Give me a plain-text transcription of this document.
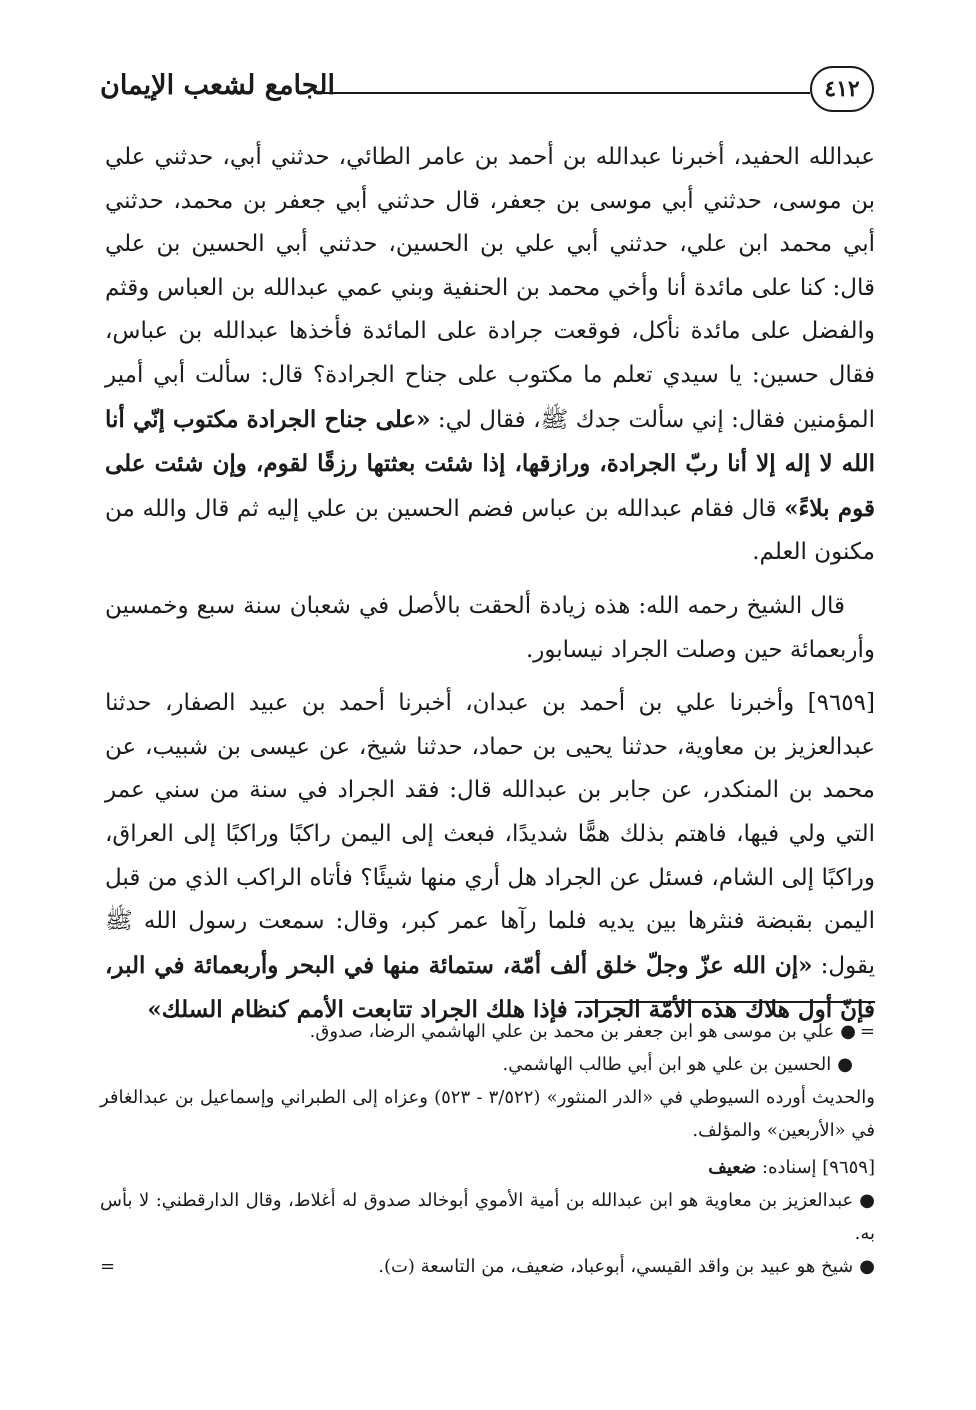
الجامع لشعب الإيمان	٤١٢

عبدالله الحفيد، أخبرنا عبدالله بن أحمد بن عامر الطائي، حدثني أبي، حدثني علي بن موسى، حدثني أبي موسى بن جعفر، قال حدثني أبي جعفر بن محمد، حدثني أبي محمد ابن علي، حدثني أبي علي بن الحسين، حدثني أبي الحسين بن علي قال: كنا على مائدة أنا وأخي محمد بن الحنفية وبني عمي عبدالله بن العباس وقثم والفضل على مائدة نأكل، فوقعت جرادة على المائدة فأخذها عبدالله بن عباس، فقال حسين: يا سيدي تعلم ما مكتوب على جناح الجرادة؟ قال: سألت أبي أمير المؤمنين فقال: إني سألت جدك ﷺ، فقال لي: «على جناح الجرادة مكتوب إنّي أنا الله لا إله إلا أنا ربّ الجرادة، ورازقها، إذا شئت بعثتها رزقًا لقوم، وإن شئت على قوم بلاءً» قال فقام عبدالله بن عباس فضم الحسين بن علي إليه ثم قال والله من مكنون العلم.

قال الشيخ رحمه الله: هذه زيادة ألحقت بالأصل في شعبان سنة سبع وخمسين وأربعمائة حين وصلت الجراد نيسابور.

[٩٦٥٩] وأخبرنا علي بن أحمد بن عبدان، أخبرنا أحمد بن عبيد الصفار، حدثنا عبدالعزيز بن معاوية، حدثنا يحيى بن حماد، حدثنا شيخ، عن عيسى بن شبيب، عن محمد بن المنكدر، عن جابر بن عبدالله قال: فقد الجراد في سنة من سني عمر التي ولي فيها، فاهتم بذلك همًّا شديدًا، فبعث إلى اليمن راكبًا وراكبًا إلى العراق، وراكبًا إلى الشام، فسئل عن الجراد هل أري منها شيئًا؟ فأتاه الراكب الذي من قبل اليمن بقبضة فنثرها بين يديه فلما رآها عمر كبر، وقال: سمعت رسول الله ﷺ يقول: «إن الله عزّ وجلّ خلق ألف أمّة، ستمائة منها في البحر وأربعمائة في البر، فإنّ أول هلاك هذه الأمّة الجراد، فإذا هلك الجراد تتابعت الأمم كنظام السلك»

=●علي بن موسى هو ابن جعفر بن محمد بن علي الهاشمي الرضا، صدوق.

●الحسين بن علي هو ابن أبي طالب الهاشمي.

والحديث أورده السيوطي في «الدر المنثور» (٣/٥٢٢ - ٥٢٣) وعزاه إلى الطبراني وإسماعيل بن عبدالغافر في «الأربعين» والمؤلف.

[٩٦٥٩] إسناده: ضعيف

●عبدالعزيز بن معاوية هو ابن عبدالله بن أمية الأموي أبوخالد صدوق له أغلاط، وقال الدارقطني: لا بأس به.

●شيخ هو عبيد بن واقد القيسي، أبوعباد، ضعيف، من التاسعة (ت).
=
